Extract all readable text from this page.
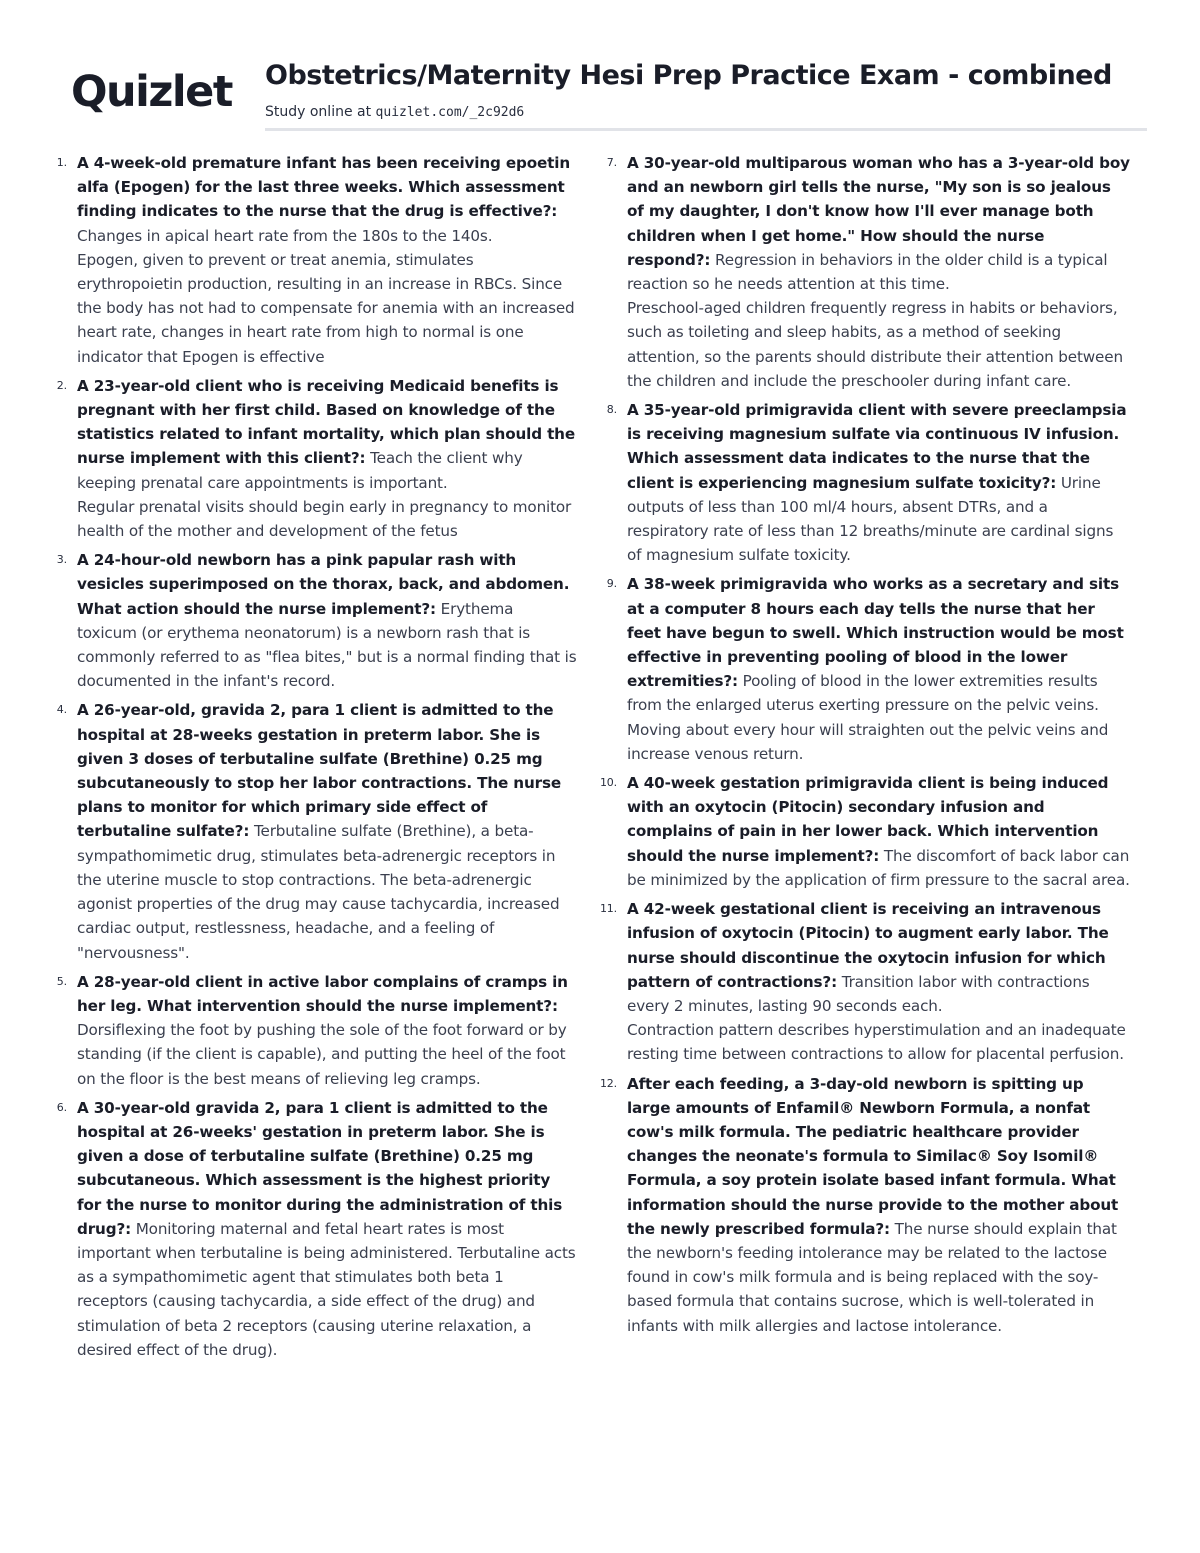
Quizlet Obstetrics/Maternity Hesi Prep Practice Exam - combined
Study online at quizlet.com/_2c92d6
1. A 4-week-old premature infant has been receiving epoetin alfa (Epogen) for the last three weeks. Which assessment finding indicates to the nurse that the drug is effective?: Changes in apical heart rate from the 180s to the 140s.
Epogen, given to prevent or treat anemia, stimulates erythropoietin production, resulting in an increase in RBCs. Since the body has not had to compensate for anemia with an increased heart rate, changes in heart rate from high to normal is one indicator that Epogen is effective
2. A 23-year-old client who is receiving Medicaid benefits is pregnant with her first child. Based on knowledge of the statistics related to infant mortality, which plan should the nurse implement with this client?: Teach the client why keeping prenatal care appointments is important.
Regular prenatal visits should begin early in pregnancy to monitor health of the mother and development of the fetus
3. A 24-hour-old newborn has a pink papular rash with vesicles superimposed on the thorax, back, and abdomen. What action should the nurse implement?: Erythema toxicum (or erythema neonatorum) is a newborn rash that is commonly referred to as "flea bites," but is a normal finding that is documented in the infant's record.
4. A 26-year-old, gravida 2, para 1 client is admitted to the hospital at 28-weeks gestation in preterm labor. She is given 3 doses of terbutaline sulfate (Brethine) 0.25 mg subcutaneously to stop her labor contractions. The nurse plans to monitor for which primary side effect of terbutaline sulfate?: Terbutaline sulfate (Brethine), a beta-sympathomimetic drug, stimulates beta-adrenergic receptors in the uterine muscle to stop contractions. The beta-adrenergic agonist properties of the drug may cause tachycardia, increased cardiac output, restlessness, headache, and a feeling of "nervousness".
5. A 28-year-old client in active labor complains of cramps in her leg. What intervention should the nurse implement?: Dorsiflexing the foot by pushing the sole of the foot forward or by standing (if the client is capable), and putting the heel of the foot on the floor is the best means of relieving leg cramps.
6. A 30-year-old gravida 2, para 1 client is admitted to the hospital at 26-weeks' gestation in preterm labor. She is given a dose of terbutaline sulfate (Brethine) 0.25 mg subcutaneous. Which assessment is the highest priority for the nurse to monitor during the administration of this drug?: Monitoring maternal and fetal heart rates is most important when terbutaline is being administered. Terbutaline acts as a sympathomimetic agent that stimulates both beta 1 receptors (causing tachycardia, a side effect of the drug) and stimulation of beta 2 receptors (causing uterine relaxation, a desired effect of the drug).
7. A 30-year-old multiparous woman who has a 3-year-old boy and an newborn girl tells the nurse, "My son is so jealous of my daughter, I don't know how I'll ever manage both children when I get home." How should the nurse respond?: Regression in behaviors in the older child is a typical reaction so he needs attention at this time.
Preschool-aged children frequently regress in habits or behaviors, such as toileting and sleep habits, as a method of seeking attention, so the parents should distribute their attention between the children and include the preschooler during infant care.
8. A 35-year-old primigravida client with severe preeclampsia is receiving magnesium sulfate via continuous IV infusion. Which assessment data indicates to the nurse that the client is experiencing magnesium sulfate toxicity?: Urine outputs of less than 100 ml/4 hours, absent DTRs, and a respiratory rate of less than 12 breaths/minute are cardinal signs of magnesium sulfate toxicity.
9. A 38-week primigravida who works as a secretary and sits at a computer 8 hours each day tells the nurse that her feet have begun to swell. Which instruction would be most effective in preventing pooling of blood in the lower extremities?: Pooling of blood in the lower extremities results from the enlarged uterus exerting pressure on the pelvic veins. Moving about every hour will straighten out the pelvic veins and increase venous return.
10. A 40-week gestation primigravida client is being induced with an oxytocin (Pitocin) secondary infusion and complains of pain in her lower back. Which intervention should the nurse implement?: The discomfort of back labor can be minimized by the application of firm pressure to the sacral area.
11. A 42-week gestational client is receiving an intravenous infusion of oxytocin (Pitocin) to augment early labor. The nurse should discontinue the oxytocin infusion for which pattern of contractions?: Transition labor with contractions every 2 minutes, lasting 90 seconds each.
Contraction pattern describes hyperstimulation and an inadequate resting time between contractions to allow for placental perfusion.
12. After each feeding, a 3-day-old newborn is spitting up large amounts of Enfamil® Newborn Formula, a nonfat cow's milk formula. The pediatric healthcare provider changes the neonate's formula to Similac® Soy Isomil® Formula, a soy protein isolate based infant formula. What information should the nurse provide to the mother about the newly prescribed formula?: The nurse should explain that the newborn's feeding intolerance may be related to the lactose found in cow's milk formula and is being replaced with the soy-based formula that contains sucrose, which is well-tolerated in infants with milk allergies and lactose intolerance.
